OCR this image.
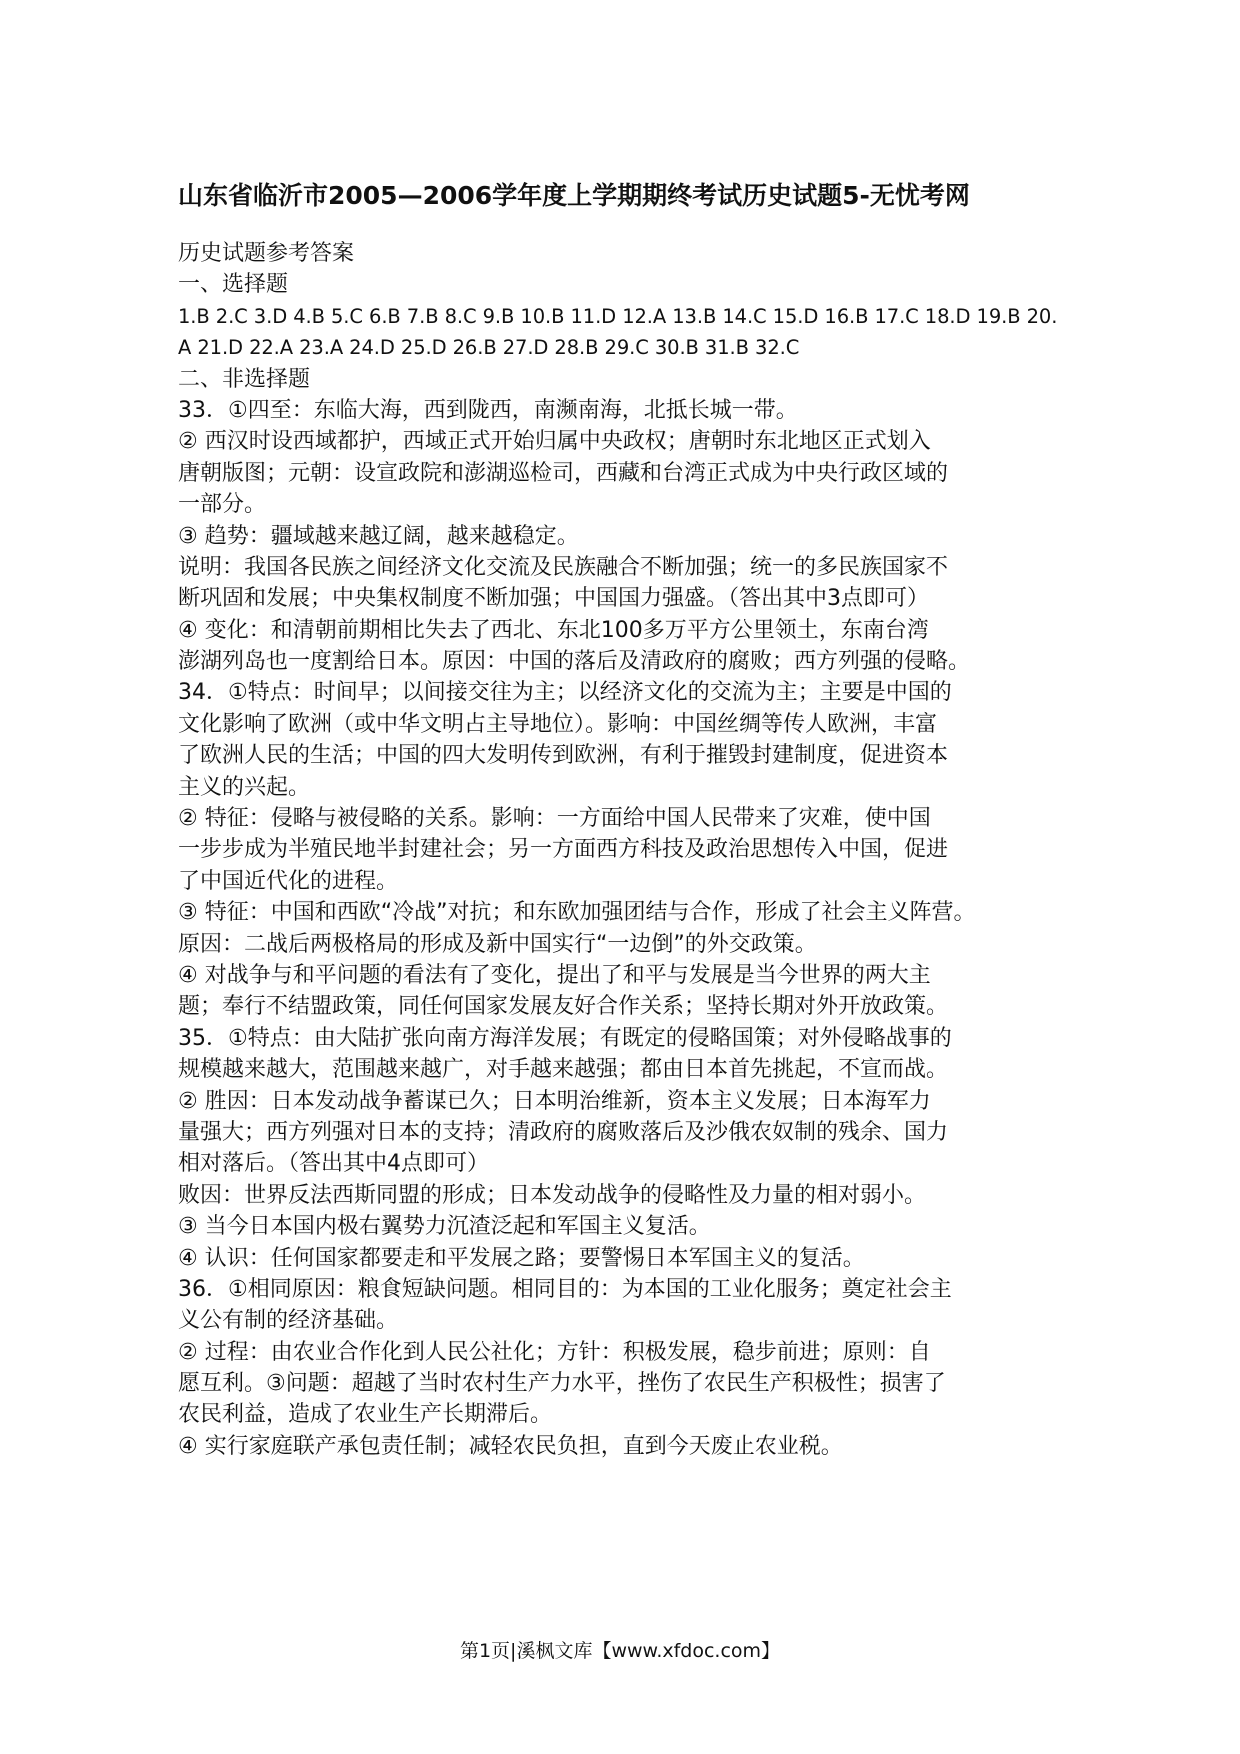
山东省临沂市2005—2006学年度上学期期终考试历史试题5-无忧考网
历史试题参考答案
一、选择题
1.B 2.C 3.D 4.B 5.C 6.B 7.B 8.C 9.B 10.B 11.D 12.A 13.B 14.C 15.D 16.B 17.C 18.D 19.B 20.
A 21.D 22.A 23.A 24.D 25.D 26.B 27.D 28.B 29.C 30.B 31.B 32.C
二、非选择题
33．①四至：东临大海，西到陇西，南濒南海，北抵长城一带。
② 西汉时设西域都护，西域正式开始归属中央政权；唐朝时东北地区正式划入
唐朝版图；元朝：设宣政院和澎湖巡检司，西藏和台湾正式成为中央行政区域的
一部分。
③ 趋势：疆域越来越辽阔，越来越稳定。
说明：我国各民族之间经济文化交流及民族融合不断加强；统一的多民族国家不
断巩固和发展；中央集权制度不断加强；中国国力强盛。（答出其中3点即可）
④ 变化：和清朝前期相比失去了西北、东北100多万平方公里领土，东南台湾
澎湖列岛也一度割给日本。原因：中国的落后及清政府的腐败；西方列强的侵略。
34．①特点：时间早；以间接交往为主；以经济文化的交流为主；主要是中国的
文化影响了欧洲（或中华文明占主导地位）。影响：中国丝绸等传人欧洲，丰富
了欧洲人民的生活；中国的四大发明传到欧洲，有利于摧毁封建制度，促进资本
主义的兴起。
② 特征：侵略与被侵略的关系。影响：一方面给中国人民带来了灾难，使中国
一步步成为半殖民地半封建社会；另一方面西方科技及政治思想传入中国，促进
了中国近代化的进程。
③ 特征：中国和西欧“冷战”对抗；和东欧加强团结与合作，形成了社会主义阵营。
原因：二战后两极格局的形成及新中国实行“一边倒”的外交政策。
④ 对战争与和平问题的看法有了变化，提出了和平与发展是当今世界的两大主
题；奉行不结盟政策，同任何国家发展友好合作关系；坚持长期对外开放政策。
35．①特点：由大陆扩张向南方海洋发展；有既定的侵略国策；对外侵略战事的
规模越来越大，范围越来越广，对手越来越强；都由日本首先挑起，不宣而战。
② 胜因：日本发动战争蓄谋已久；日本明治维新，资本主义发展；日本海军力
量强大；西方列强对日本的支持；清政府的腐败落后及沙俄农奴制的残余、国力
相对落后。（答出其中4点即可）
败因：世界反法西斯同盟的形成；日本发动战争的侵略性及力量的相对弱小。
③ 当今日本国内极右翼势力沉渣泛起和军国主义复活。
④ 认识：任何国家都要走和平发展之路；要警惕日本军国主义的复活。
36．①相同原因：粮食短缺问题。相同目的：为本国的工业化服务；奠定社会主
义公有制的经济基础。
② 过程：由农业合作化到人民公社化；方针：积极发展，稳步前进；原则：自
愿互利。③问题：超越了当时农村生产力水平，挫伤了农民生产积极性；损害了
农民利益，造成了农业生产长期滞后。
④ 实行家庭联产承包责任制；减轻农民负担，直到今天废止农业税。
第1页|溪枫文库【www.xfdoc.com】
